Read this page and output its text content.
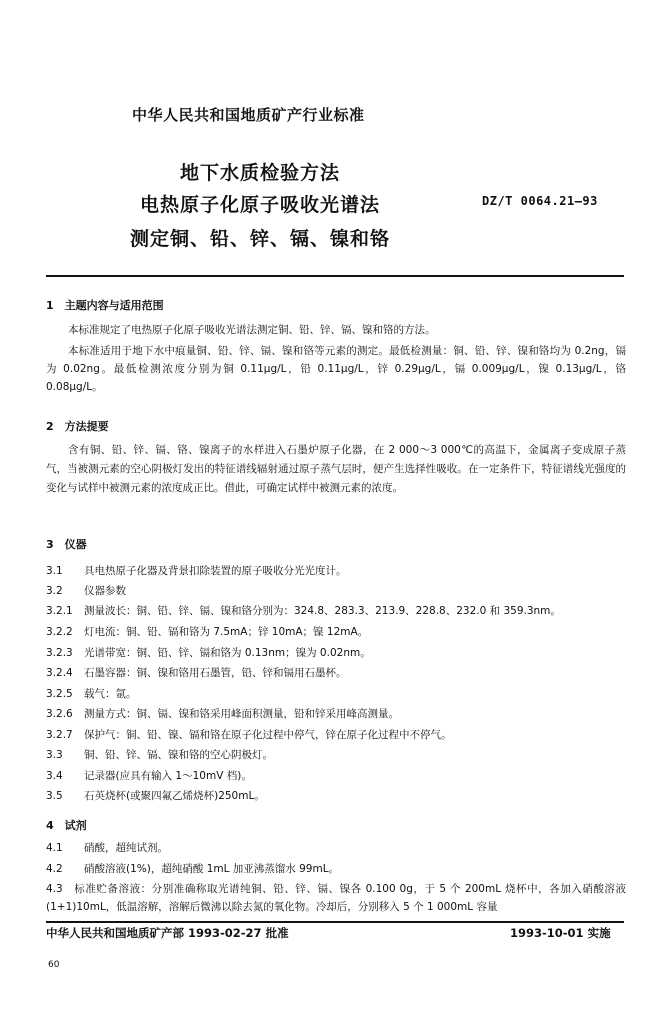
中华人民共和国地质矿产行业标准
地下水质检验方法
电热原子化原子吸收光谱法
测定铜、铅、锌、镉、镍和铬
DZ/T 0064.21—93
1　主题内容与适用范围
本标准规定了电热原子化原子吸收光谱法测定铜、铅、锌、镉、镍和铬的方法。
本标准适用于地下水中痕量铜、铅、锌、镉、镍和铬等元素的测定。最低检测量：铜、铅、锌、镍和铬均为 0.2ng，镉为 0.02ng。最低检测浓度分别为铜 0.11μg/L，铅 0.11μg/L，锌 0.29μg/L，镉 0.009μg/L，镍 0.13μg/L，铬 0.08μg/L。
2　方法提要
含有铜、铅、锌、镉、铬、镍离子的水样进入石墨炉原子化器，在 2 000～3 000℃的高温下，金属离子变成原子蒸气，当被测元素的空心阴极灯发出的特征谱线辐射通过原子蒸气层时，便产生选择性吸收。在一定条件下，特征谱线光强度的变化与试样中被测元素的浓度成正比。借此，可确定试样中被测元素的浓度。
3　仪器
3.1 具电热原子化器及背景扣除装置的原子吸收分光光度计。
3.2 仪器参数
3.2.1 测量波长：铜、铅、锌、镉、镍和铬分别为：324.8、283.3、213.9、228.8、232.0 和 359.3nm。
3.2.2 灯电流：铜、铅、镉和铬为 7.5mA；锌 10mA；镍 12mA。
3.2.3 光谱带宽：铜、铅、锌、镉和铬为 0.13nm；镍为 0.02nm。
3.2.4 石墨容器：铜、镍和铬用石墨管，铅、锌和镉用石墨杯。
3.2.5 载气：氩。
3.2.6 测量方式：铜、镉、镍和铬采用峰面积测量，铅和锌采用峰高测量。
3.2.7 保护气：铜、铅、镍、镉和铬在原子化过程中停气，锌在原子化过程中不停气。
3.3 铜、铅、锌、镉、镍和铬的空心阴极灯。
3.4 记录器(应具有输入 1～10mV 档)。
3.5 石英烧杯(或聚四氟乙烯烧杯)250mL。
4　试剂
4.1 硝酸，超纯试剂。
4.2 硝酸溶液(1%)，超纯硝酸 1mL 加亚沸蒸馏水 99mL。
4.3　标准贮备溶液：分别准确称取光谱纯铜、铅、锌、镉、镍各 0.100 0g，于 5 个 200mL 烧杯中，各加入硝酸溶液(1+1)10mL，低温溶解，溶解后微沸以除去氮的氧化物。冷却后，分别移入 5 个 1 000mL 容量
中华人民共和国地质矿产部 1993-02-27 批准	1993-10-01 实施
60
